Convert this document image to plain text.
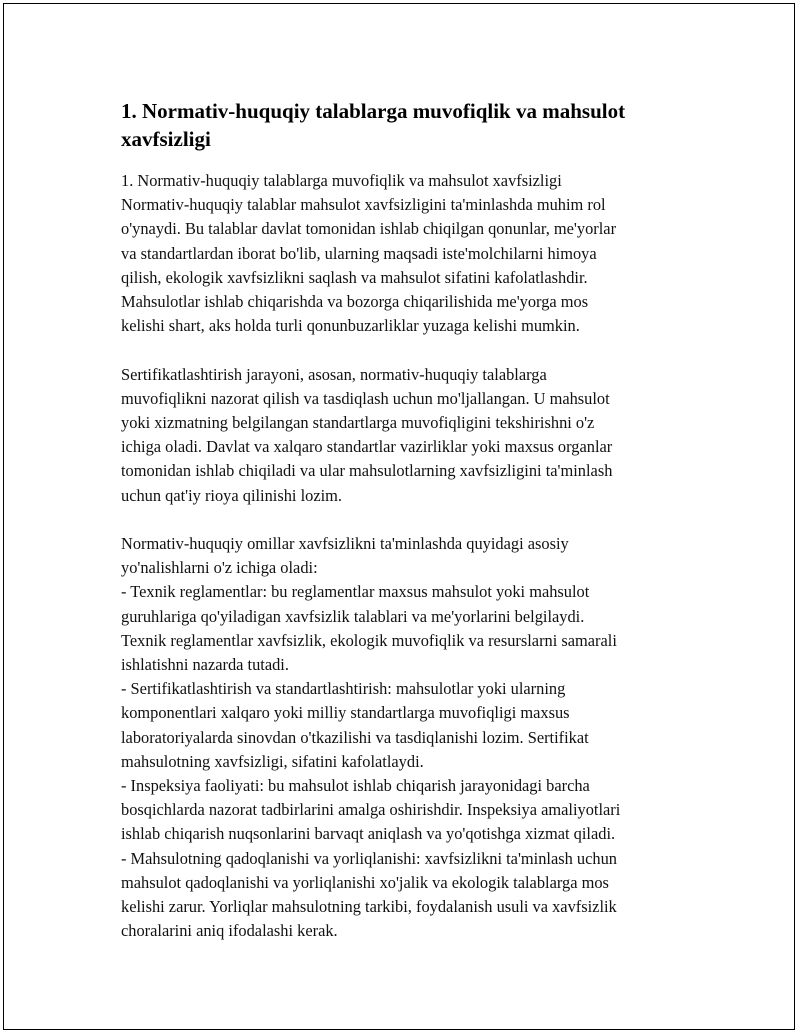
1. Normativ-huquqiy talablarga muvofiqlik va mahsulot
xavfsizligi

1. Normativ-huquqiy talablarga muvofiqlik va mahsulot xavfsizligi
Normativ-huquqiy talablar mahsulot xavfsizligini ta'minlashda muhim rol
o'ynaydi. Bu talablar davlat tomonidan ishlab chiqilgan qonunlar, me'yorlar
va standartlardan iborat bo'lib, ularning maqsadi iste'molchilarni himoya
qilish, ekologik xavfsizlikni saqlash va mahsulot sifatini kafolatlashdir.
Mahsulotlar ishlab chiqarishda va bozorga chiqarilishida me'yorga mos
kelishi shart, aks holda turli qonunbuzarliklar yuzaga kelishi mumkin.

Sertifikatlashtirish jarayoni, asosan, normativ-huquqiy talablarga
muvofiqlikni nazorat qilish va tasdiqlash uchun mo'ljallangan. U mahsulot
yoki xizmatning belgilangan standartlarga muvofiqligini tekshirishni o'z
ichiga oladi. Davlat va xalqaro standartlar vazirliklar yoki maxsus organlar
tomonidan ishlab chiqiladi va ular mahsulotlarning xavfsizligini ta'minlash
uchun qat'iy rioya qilinishi lozim.

Normativ-huquqiy omillar xavfsizlikni ta'minlashda quyidagi asosiy
yo'nalishlarni o'z ichiga oladi:
- Texnik reglamentlar: bu reglamentlar maxsus mahsulot yoki mahsulot
guruhlariga qo'yiladigan xavfsizlik talablari va me'yorlarini belgilaydi.
Texnik reglamentlar xavfsizlik, ekologik muvofiqlik va resurslarni samarali
ishlatishni nazarda tutadi.
- Sertifikatlashtirish va standartlashtirish: mahsulotlar yoki ularning
komponentlari xalqaro yoki milliy standartlarga muvofiqligi maxsus
laboratoriyalarda sinovdan o'tkazilishi va tasdiqlanishi lozim. Sertifikat
mahsulotning xavfsizligi, sifatini kafolatlaydi.
- Inspeksiya faoliyati: bu mahsulot ishlab chiqarish jarayonidagi barcha
bosqichlarda nazorat tadbirlarini amalga oshirishdir. Inspeksiya amaliyotlari
ishlab chiqarish nuqsonlarini barvaqt aniqlash va yo'qotishga xizmat qiladi.
- Mahsulotning qadoqlanishi va yorliqlanishi: xavfsizlikni ta'minlash uchun
mahsulot qadoqlanishi va yorliqlanishi xo'jalik va ekologik talablarga mos
kelishi zarur. Yorliqlar mahsulotning tarkibi, foydalanish usuli va xavfsizlik
choralarini aniq ifodalashi kerak.
